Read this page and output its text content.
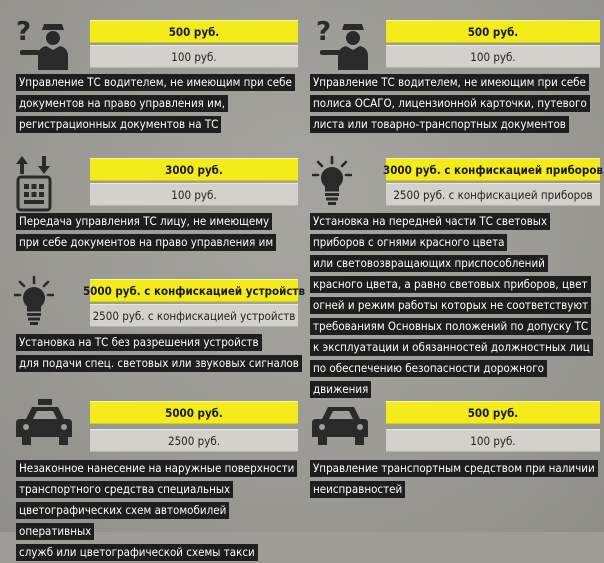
?	500 руб.
100 руб.
Управление ТС водителем, не имеющим при себе
документов на право управления им,
регистрационных документов на ТС
?	500 руб.
100 руб.
Управление ТС водителем, не имеющим при себе
полиса ОСАГО, лицензионной карточки, путевого
листа или товарно-транспортных документов
3000 руб.
100 руб.
Передача управления ТС лицу, не имеющему
при себе документов на право управления им
3000 руб. с конфискацией приборов
2500 руб. с конфискацией приборов
Установка на передней части ТС световых
приборов с огнями красного цвета
или световозвращающих приспособлений
красного цвета, а равно световых приборов, цвет
огней и режим работы которых не соответствуют
требованиям Основных положений по допуску ТС
к эксплуатации и обязанностей должностных лиц
по обеспечению безопасности дорожного
движения
5000 руб. с конфискацией устройств
2500 руб. с конфискацией устройств
Установка на ТС без разрешения устройств
для подачи спец. световых или звуковых сигналов
5000 руб.
2500 руб.
Незаконное нанесение на наружные поверхности
транспортного средства специальных
цветографических схем автомобилей оперативных
служб или цветографической схемы такси
500 руб.
100 руб.
Управление транспортным средством при наличии
неисправностей
